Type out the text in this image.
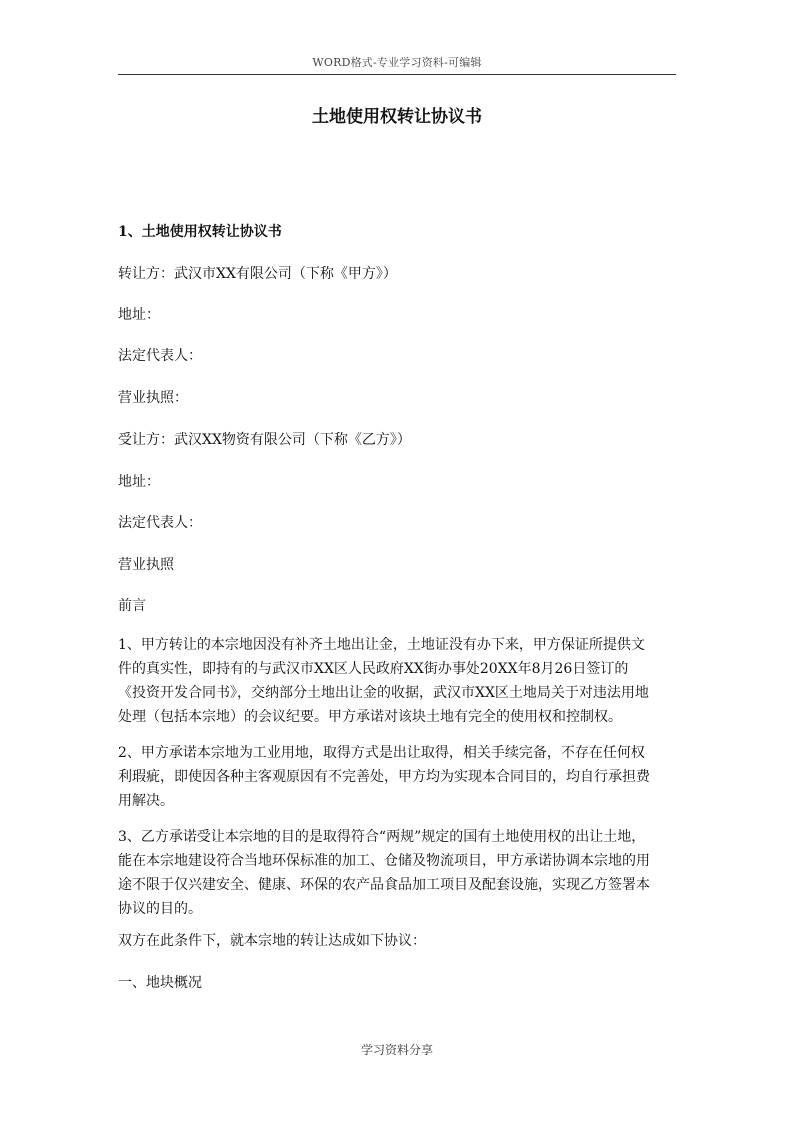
WORD格式-专业学习资料-可编辑
土地使用权转让协议书
1、土地使用权转让协议书
转让方：武汉市XX有限公司（下称《甲方》）
地址：
法定代表人：
营业执照：
受让方：武汉XX物资有限公司（下称《乙方》）
地址：
法定代表人：
营业执照
前言
1、甲方转让的本宗地因没有补齐土地出让金，土地证没有办下来，甲方保证所提供文
件的真实性，即持有的与武汉市XX区人民政府XX街办事处20XX年8月26日签订的
《投资开发合同书》，交纳部分土地出让金的收据，武汉市XX区土地局关于对违法用地
处理（包括本宗地）的会议纪要。甲方承诺对该块土地有完全的使用权和控制权。
2、甲方承诺本宗地为工业用地，取得方式是出让取得，相关手续完备，不存在任何权
利瑕疵，即使因各种主客观原因有不完善处，甲方均为实现本合同目的，均自行承担费
用解决。
3、乙方承诺受让本宗地的目的是取得符合“两规”规定的国有土地使用权的出让土地，
能在本宗地建设符合当地环保标准的加工、仓储及物流项目，甲方承诺协调本宗地的用
途不限于仅兴建安全、健康、环保的农产品食品加工项目及配套设施，实现乙方签署本
协议的目的。
双方在此条件下，就本宗地的转让达成如下协议：
一、地块概况
学习资料分享
